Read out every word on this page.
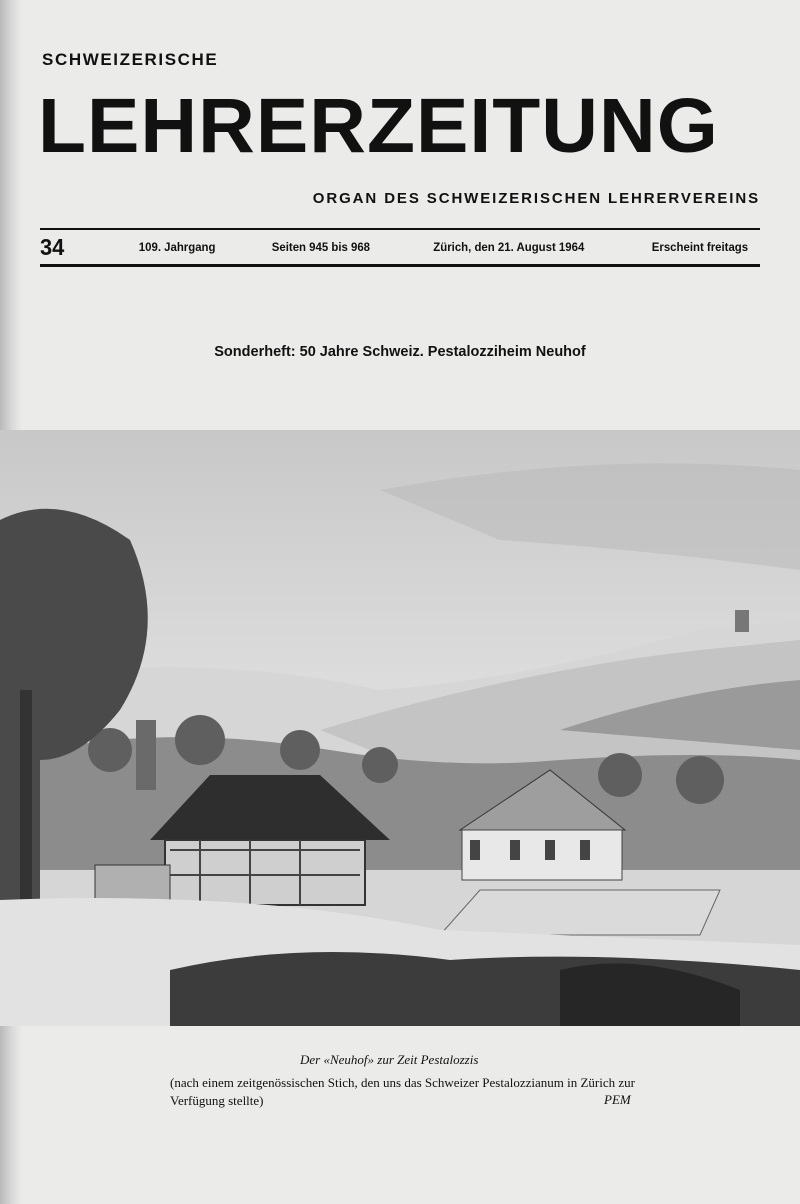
SCHWEIZERISCHE
LEHRERZEITUNG
ORGAN DES SCHWEIZERISCHEN LEHRERVEREINS
34	109. Jahrgang	Seiten 945 bis 968	Zürich, den 21. August 1964	Erscheint freitags
Sonderheft: 50 Jahre Schweiz. Pestalozziheim Neuhof
Der «Neuhof» zur Zeit Pestalozzis
(nach einem zeitgenössischen Stich, den uns das Schweizer Pestalozzianum in Zürich zur Verfügung stellte)	PEM
